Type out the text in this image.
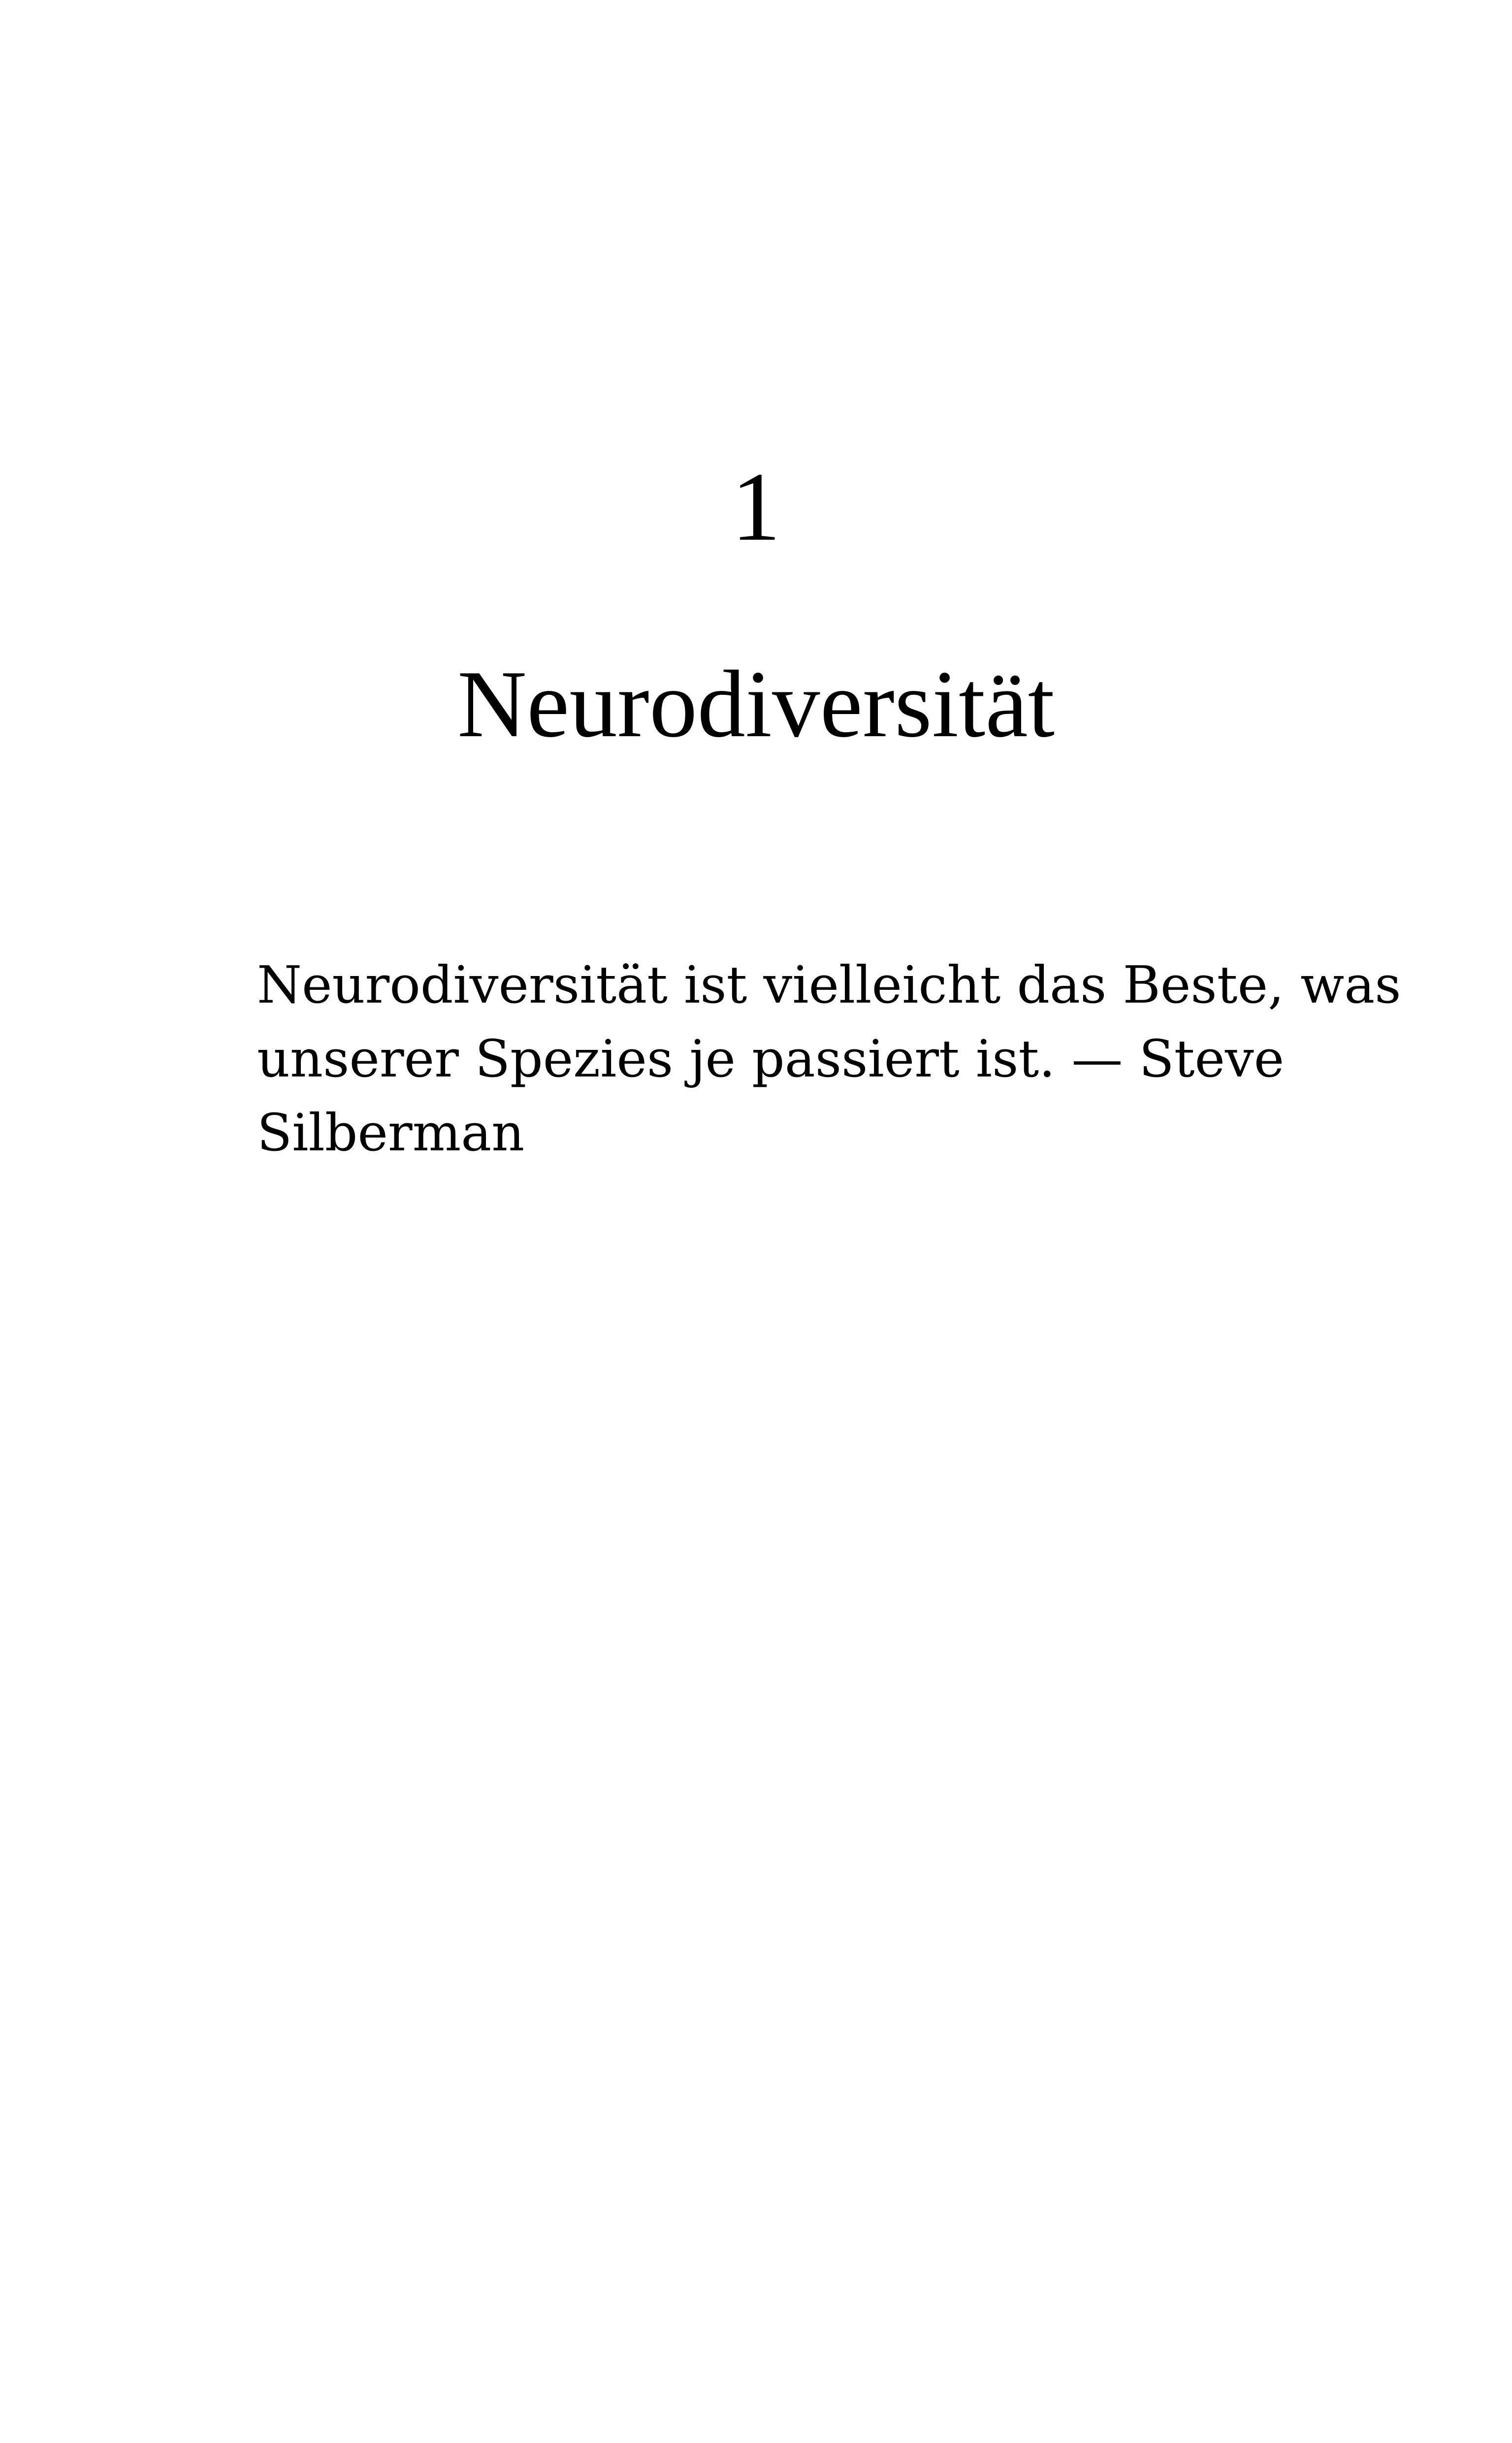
1
Neurodiversität

Neurodiversität ist vielleicht das Beste, was
unserer Spezies je passiert ist. — Steve
Silberman
